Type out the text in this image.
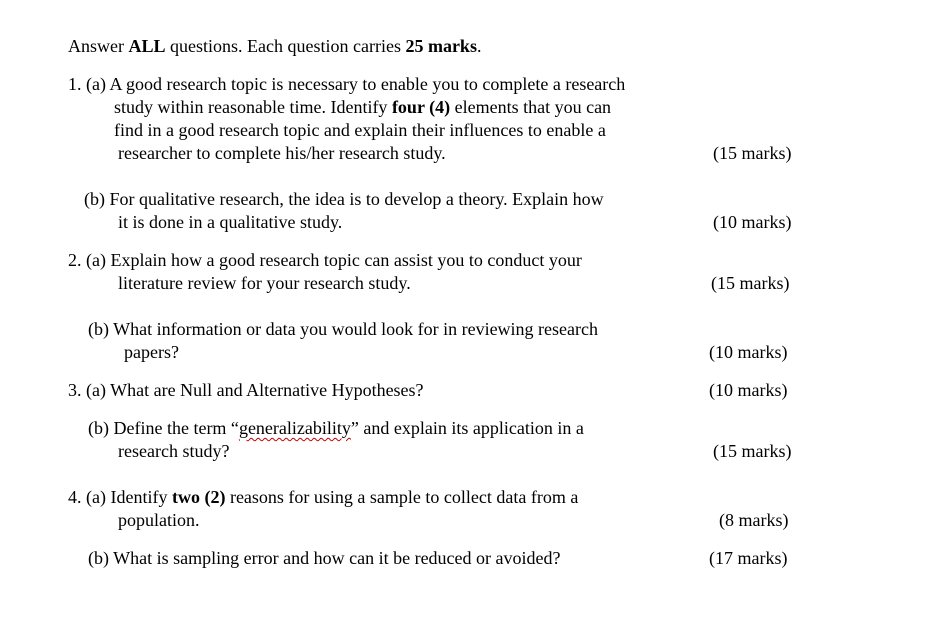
Answer ALL questions. Each question carries 25 marks.
1. (a) A good research topic is necessary to enable you to complete a research
study within reasonable time. Identify four (4) elements that you can
find in a good research topic and explain their influences to enable a
researcher to complete his/her research study.	(15 marks)
(b) For qualitative research, the idea is to develop a theory. Explain how
it is done in a qualitative study.	(10 marks)
2. (a) Explain how a good research topic can assist you to conduct your
literature review for your research study.	(15 marks)
(b) What information or data you would look for in reviewing research
papers?	(10 marks)
3. (a) What are Null and Alternative Hypotheses?	(10 marks)
(b) Define the term “generalizability” and explain its application in a
research study?	(15 marks)
4. (a) Identify two (2) reasons for using a sample to collect data from a
population.	(8 marks)
(b) What is sampling error and how can it be reduced or avoided?	(17 marks)
